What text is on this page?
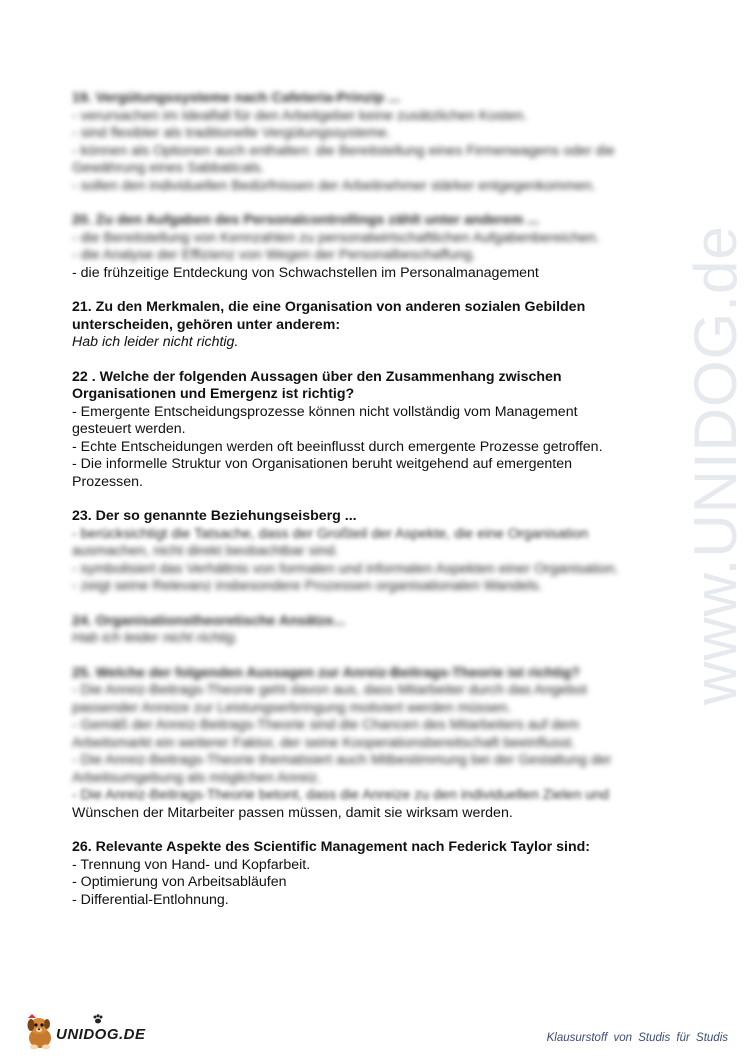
19. Vergütungssysteme nach Cafeteria-Prinzip ...
- verursachen im Idealfall für den Arbeitgeber keine zusätzlichen Kosten.
- sind flexibler als traditionelle Vergütungssysteme.
- können als Optionen auch enthalten: die Bereitstellung eines Firmenwagens oder die
Gewährung eines Sabbaticals.
- sollen den individuellen Bedürfnissen der Arbeitnehmer stärker entgegenkommen.
20. Zu den Aufgaben des Personalcontrollings zählt unter anderem ...
- die Bereitstellung von Kennzahlen zu personalwirtschaftlichen Aufgabenbereichen.
- die Analyse der Effizienz von Wegen der Personalbeschaffung.
- die frühzeitige Entdeckung von Schwachstellen im Personalmanagement
21. Zu den Merkmalen, die eine Organisation von anderen sozialen Gebilden
unterscheiden, gehören unter anderem:
Hab ich leider nicht richtig.
22 . Welche der folgenden Aussagen über den Zusammenhang zwischen
Organisationen und Emergenz ist richtig?
- Emergente Entscheidungsprozesse können nicht vollständig vom Management
gesteuert werden.
- Echte Entscheidungen werden oft beeinflusst durch emergente Prozesse getroffen.
- Die informelle Struktur von Organisationen beruht weitgehend auf emergenten
Prozessen.
23. Der so genannte Beziehungseisberg ...
- berücksichtigt die Tatsache, dass der Großteil der Aspekte, die eine Organisation
ausmachen, nicht direkt beobachtbar sind.
- symbolisiert das Verhältnis von formalen und informalen Aspekten einer Organisation.
- zeigt seine Relevanz insbesondere Prozessen organisationalen Wandels.
24. Organisationstheoretische Ansätze...
Hab ich leider nicht richtig.
25. Welche der folgenden Aussagen zur Anreiz-Beitrags-Theorie ist richtig?
- Die Anreiz-Beitrags-Theorie geht davon aus, dass Mitarbeiter durch das Angebot
passender Anreize zur Leistungserbringung motiviert werden müssen.
- Gemäß der Anreiz-Beitrags-Theorie sind die Chancen des Mitarbeiters auf dem
Arbeitsmarkt ein weiterer Faktor, der seine Kooperationsbereitschaft beeinflusst.
- Die Anreiz-Beitrags-Theorie thematisiert auch Mitbestimmung bei der Gestaltung der
Arbeitsumgebung als möglichen Anreiz.
- Die Anreiz-Beitrags-Theorie betont, dass die Anreize zu den individuellen Zielen und
Wünschen der Mitarbeiter passen müssen, damit sie wirksam werden.
26. Relevante Aspekte des Scientific Management nach Federick Taylor sind:
- Trennung von Hand- und Kopfarbeit.
- Optimierung von Arbeitsabläufen
- Differential-Entlohnung.
www.UNIDOG.de
UNIDOG.DE	Klausurstoff von Studis für Studis
